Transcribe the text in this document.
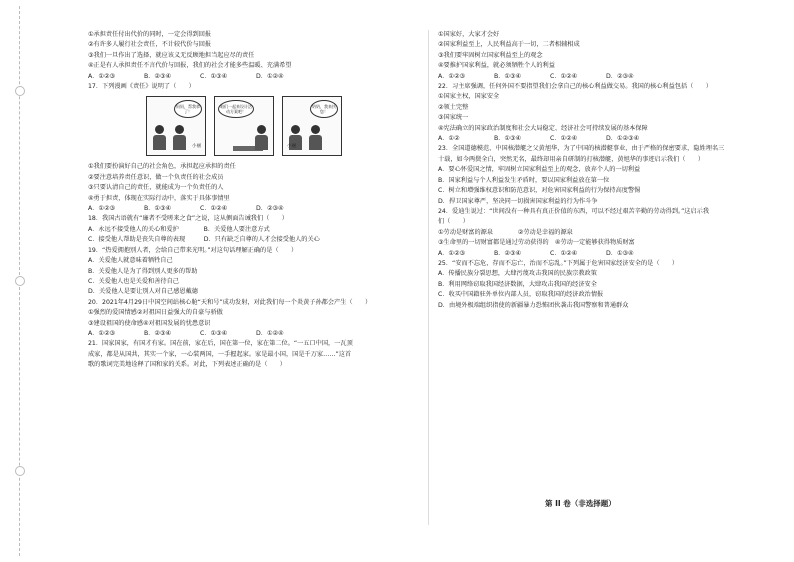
①承担责任付出代价的同时，一定会得到回报
②有许多人履行社会责任，不计较代价与回报
③我们一旦作出了选择，就应该义无反顾地担当起应尽的责任
④正是有人承担责任不言代价与回报，我们的社会才能多些温暖、充满希望
A．①②③	B．②③④	C．①③④	D．①②④
17．下列漫画《责任》说明了（　　）
妈妈，帮我拿了！
小丽
咱们一起来设计活动方案吧！
奶奶，我来扶您！
小丽
①我们要扮演好自己的社会角色，承担起应承担的责任
②要注意培养责任意识，做一个负责任的社会成员
③只要认清自己的责任，就能成为一个负责任的人
④勇于担责，体现在实际行动中，落实于具体事情里
A．①②③	B．①③④	C．①②④	D．②③④
18．我国古语就有“廉者不受嗟来之食”之说，这从侧面告诫我们（　　）
A．永远不接受他人的关心和爱护　　　　B．关爱他人要注意方式
C．接受他人帮助是丧失自尊的表现　　　D．只有缺乏自尊的人才会接受他人的关心
19．“热爱拥抱別人者，会给自己带来光明。”对这句话理解正确的是（　　）
A．关爱他人就意味着牺牲自己
B．关爱他人是为了得到別人更多的帮助
C．关爱他人也是关爱和善待自己
D．关爱他人是要让别人对自己感恩戴德
20．2021年4月29日中国空间站核心舱“天和号”成功发射，对此我们每一个炎黄子孙都会产生（　　）
①强烈的爱国情感②对祖国日益强大的自豪与骄傲
③建设祖国的使命感④对祖国发展的忧患意识
A．①②③	B．②③④	C．①③④	D．①②④
21．国家国家，有国才有家。国在前，家在后，国在第一位，家在第二位。“一五口中国，一瓦顶
成家，都是从国共，其实一个家，一心装两国，一手握起家。家是最小国，国是千万家……”这首
歌的歌词完美地诠释了国和家的关系。对此，下列表述正确的是（　　）
①国家好，大家才会好
②国家利益至上，人民利益高于一切，二者相辅相成
③我们要牢固树立国家利益至上的观念
④要推护国家利益，就必须牺牲个人的利益
A．①②③	B．①③④	C．①②④	D．②③④
22．习主席强调，任何外国不要指望我们会拿自己的核心利益做交易。我国的核心利益包括（　　）
①国家主权，国家安全
②领土完整
③国家统一
④宪法确立的国家政治制度和社会大局稳定、经济社会可持续发展的基本保障
A．①②	B．①③④	C．①②④	D．①②③④
23．全国道德模范、中国核潜艇之父黄旭华，为了中国的核潜艇事业，由于严格的保密要求，隐姓埋名三
十载，如今两鬓全白，突然无名，最终却用亲自研制的打核潜艇，黄旭华的事迹启示我们（　　）
A．要心怀爱国之情，牢固树立国家利益至上的观念，放弃个人的一切利益
B．国家利益与个人利益发生矛盾时，要以国家利益放在第一位
C．树立和增强维权意识和防范意识，对危害国家利益的行为保持高度警惕
D．捍卫国家尊严，坚决同一切损害国家利益的行为作斗争
24．爱迪生说过：“世间没有一种具有真正价值的东西，可以不经过艰苦辛勤的劳动得到。”这启示我
们（　　）
①劳动是财富的源泉　　　　②劳动是幸福的源泉
③生命里的一切财富都是通过劳动获得的　④劳动一定能够获得物质财富
A．①②③	B．②③④	C．①②④	D．①③④
25．“安而不忘危，存而不忘亡，治而不忘乱。”下列属于危害国家经济安全的是（　　）
A．传播民族分裂思想，大肆污蔑攻击我国的民族宗教政策
B．利用网络窃取我国经济数据，大肆攻击我国的经济安全
C．收买中国籍驻外单位内部人员，窃取我国的经济政治情报
D．由境外极端组织指使的新疆暴力恐怖团伙袭击我国警察和普通群众
第 II 卷（非选择题）
